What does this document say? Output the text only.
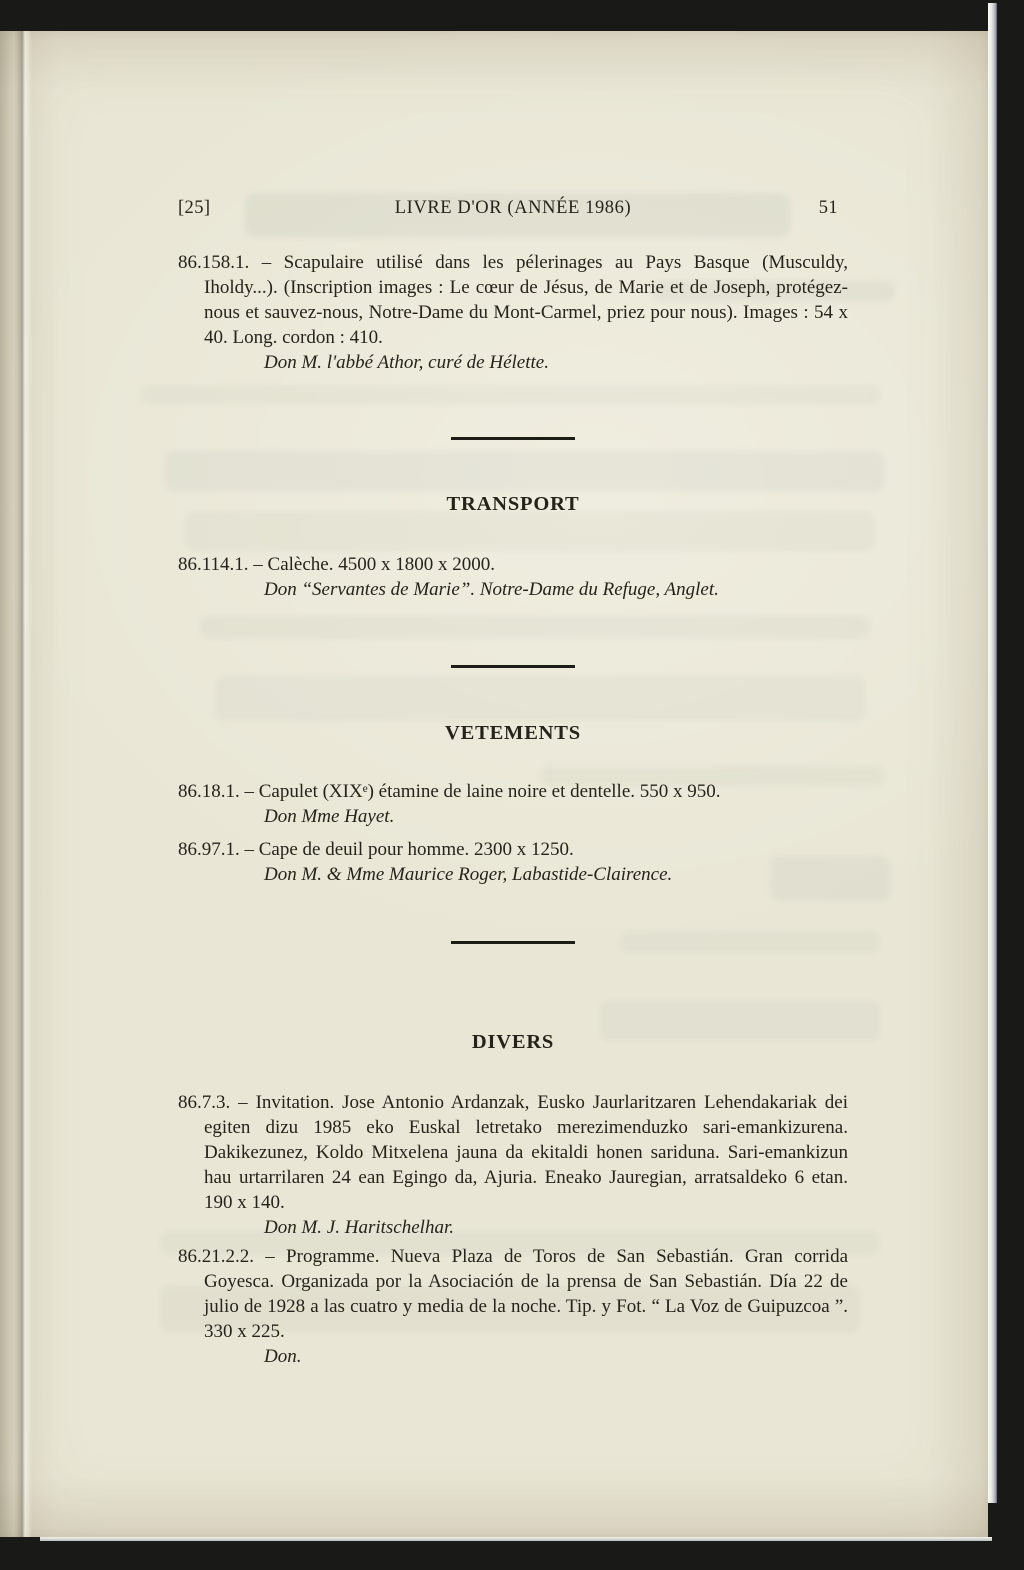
[25]	LIVRE D'OR (ANNÉE 1986)	51

86.158.1. – Scapulaire utilisé dans les pélerinages au Pays Basque (Musculdy, Iholdy...). (Inscription images : Le cœur de Jésus, de Marie et de Joseph, protégez-nous et sauvez-nous, Notre-Dame du Mont-Carmel, priez pour nous). Images : 54 x 40. Long. cordon : 410.

Don M. l'abbé Athor, curé de Hélette.

TRANSPORT

86.114.1. – Calèche. 4500 x 1800 x 2000.

Don “Servantes de Marie”. Notre-Dame du Refuge, Anglet.

VETEMENTS

86.18.1. – Capulet (XIXᵉ) étamine de laine noire et dentelle. 550 x 950.

Don Mme Hayet.

86.97.1. – Cape de deuil pour homme. 2300 x 1250.

Don M. & Mme Maurice Roger, Labastide-Clairence.

DIVERS

86.7.3. – Invitation. Jose Antonio Ardanzak, Eusko Jaurlaritzaren Lehendakariak dei egiten dizu 1985 eko Euskal letretako merezimenduzko sari-emankizurena. Dakikezunez, Koldo Mitxelena jauna da ekitaldi honen sariduna. Sari-emankizun hau urtarrilaren 24 ean Egingo da, Ajuria. Eneako Jauregian, arratsaldeko 6 etan. 190 x 140.

Don M. J. Haritschelhar.

86.21.2.2. – Programme. Nueva Plaza de Toros de San Sebastián. Gran corrida Goyesca. Organizada por la Asociación de la prensa de San Sebastián. Día 22 de julio de 1928 a las cuatro y media de la noche. Tip. y Fot. “ La Voz de Guipuzcoa ”. 330 x 225.

Don.
